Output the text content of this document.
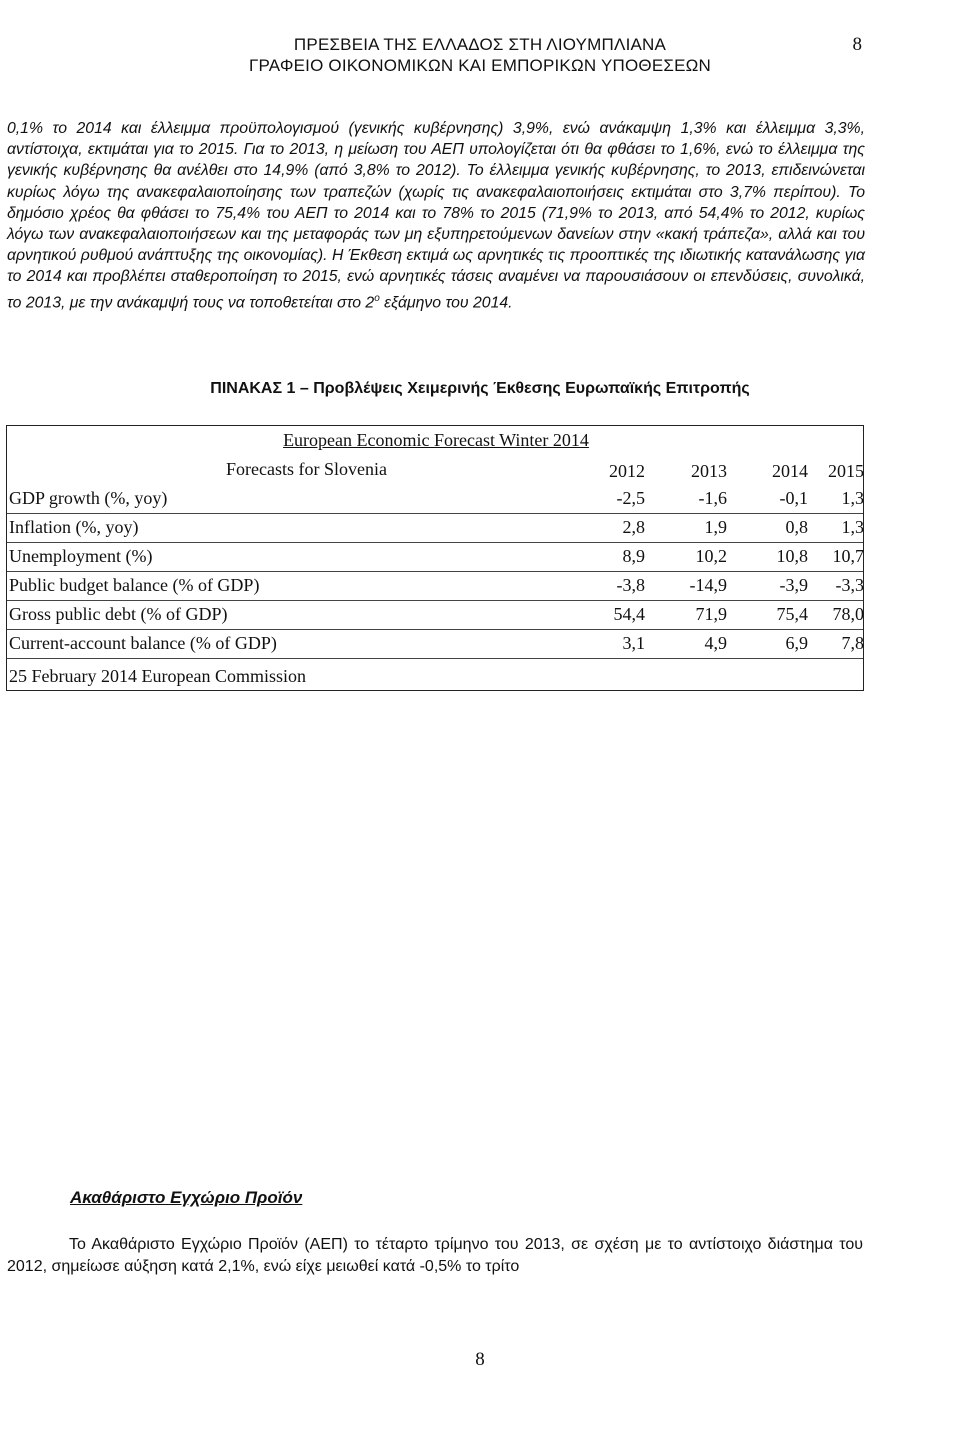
ΠΡΕΣΒΕΙΑ ΤΗΣ ΕΛΛΑΔΟΣ ΣΤΗ ΛΙΟΥΜΠΛΙΑΝΑ
ΓΡΑΦΕΙΟ ΟΙΚΟΝΟΜΙΚΩΝ ΚΑΙ ΕΜΠΟΡΙΚΩΝ ΥΠΟΘΕΣΕΩΝ
8

0,1% το 2014 και έλλειμμα προϋπολογισμού (γενικής κυβέρνησης) 3,9%, ενώ ανάκαμψη 1,3% και έλλειμμα 3,3%, αντίστοιχα, εκτιμάται για το 2015. Για το 2013, η μείωση του ΑΕΠ υπολογίζεται ότι θα φθάσει το 1,6%, ενώ το έλλειμμα της γενικής κυβέρνησης θα ανέλθει στο 14,9% (από 3,8% το 2012). Το έλλειμμα γενικής κυβέρνησης, το 2013, επιδεινώνεται κυρίως λόγω της ανακεφαλαιοποίησης των τραπεζών (χωρίς τις ανακεφαλαιοποιήσεις εκτιμάται στο 3,7% περίπου). Το δημόσιο χρέος θα φθάσει το 75,4% του ΑΕΠ το 2014 και το 78% το 2015 (71,9% το 2013, από 54,4% το 2012, κυρίως λόγω των ανακεφαλαιοποιήσεων και της μεταφοράς των μη εξυπηρετούμενων δανείων στην «κακή τράπεζα», αλλά και του αρνητικού ρυθμού ανάπτυξης της οικονομίας). Η Έκθεση εκτιμά ως αρνητικές τις προοπτικές της ιδιωτικής κατανάλωσης για το 2014 και προβλέπει σταθεροποίηση το 2015, ενώ αρνητικές τάσεις αναμένει να παρουσιάσουν οι επενδύσεις, συνολικά, το 2013, με την ανάκαμψή τους να τοποθετείται στο $2^o$ εξάμηνο του 2014.

ΠΙΝΑΚΑΣ 1 – Προβλέψεις Χειμερινής Έκθεσης Ευρωπαϊκής Επιτροπής
European Economic Forecast Winter 2014
Forecasts for Slovenia	2012	2013	2014	2015
GDP growth (%, yoy)	-2,5	-1,6	-0,1	1,3
Inflation (%, yoy)	2,8	1,9	0,8	1,3
Unemployment (%)	8,9	10,2	10,8	10,7
Public budget balance (% of GDP)	-3,8	-14,9	-3,9	-3,3
Gross public debt (% of GDP)	54,4	71,9	75,4	78,0
Current-account balance (% of GDP)	3,1	4,9	6,9	7,8
25 February 2014 European Commission
Ακαθάριστο Εγχώριο Προϊόν

Το Ακαθάριστο Εγχώριο Προϊόν (ΑΕΠ) το τέταρτο τρίμηνο του 2013, σε σχέση με το αντίστοιχο διάστημα του 2012, σημείωσε αύξηση κατά 2,1%, ενώ είχε μειωθεί κατά -0,5% το τρίτο

8
